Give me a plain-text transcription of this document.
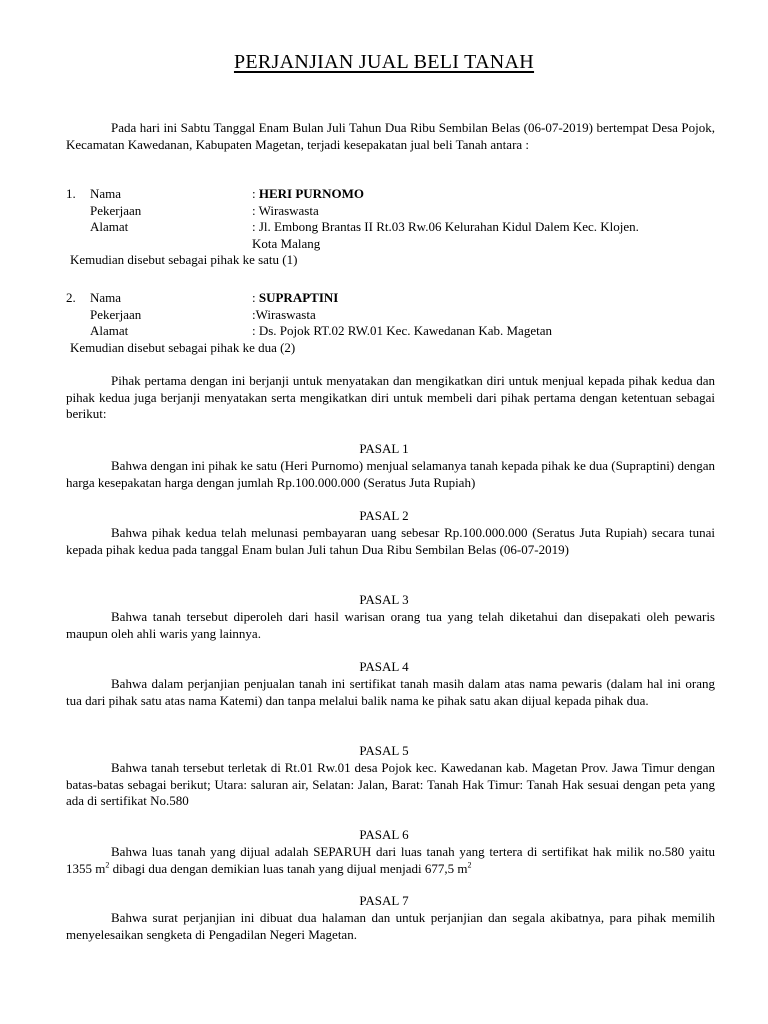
PERJANJIAN JUAL BELI TANAH
Pada hari ini Sabtu Tanggal Enam Bulan Juli Tahun Dua Ribu Sembilan Belas (06-07-2019) bertempat Desa Pojok, Kecamatan Kawedanan, Kabupaten Magetan, terjadi kesepakatan jual beli Tanah antara :
1.	Nama	: HERI PURNOMO
Pekerjaan	: Wiraswasta
Alamat	: Jl. Embong Brantas II Rt.03 Rw.06 Kelurahan Kidul Dalem Kec. Klojen.
Kota Malang
Kemudian disebut sebagai pihak ke satu (1)
2.	Nama	: SUPRAPTINI
Pekerjaan	:Wiraswasta
Alamat	: Ds. Pojok RT.02 RW.01 Kec. Kawedanan Kab. Magetan
Kemudian disebut sebagai pihak ke dua (2)
Pihak pertama dengan ini berjanji untuk menyatakan dan mengikatkan diri untuk menjual kepada pihak kedua dan pihak kedua juga berjanji menyatakan serta mengikatkan diri untuk membeli dari pihak pertama dengan ketentuan sebagai berikut:
PASAL 1
Bahwa dengan ini pihak ke satu (Heri Purnomo) menjual selamanya tanah kepada pihak ke dua (Supraptini) dengan harga kesepakatan harga dengan jumlah Rp.100.000.000 (Seratus Juta Rupiah)
PASAL 2
Bahwa pihak kedua telah melunasi pembayaran uang sebesar Rp.100.000.000 (Seratus Juta Rupiah) secara tunai kepada pihak kedua pada tanggal Enam bulan Juli tahun Dua Ribu Sembilan Belas (06-07-2019)
PASAL 3
Bahwa tanah tersebut diperoleh dari hasil warisan orang tua yang telah diketahui dan disepakati oleh pewaris maupun oleh ahli waris yang lainnya.
PASAL 4
Bahwa dalam perjanjian penjualan tanah ini sertifikat tanah masih dalam atas nama pewaris (dalam hal ini orang tua dari pihak satu atas nama Katemi) dan tanpa melalui balik nama ke pihak satu akan dijual kepada pihak dua.
PASAL 5
Bahwa tanah tersebut terletak di Rt.01 Rw.01 desa Pojok kec. Kawedanan kab. Magetan Prov. Jawa Timur dengan batas-batas sebagai berikut; Utara: saluran air, Selatan: Jalan, Barat: Tanah Hak Timur: Tanah Hak sesuai dengan peta yang ada di sertifikat No.580
PASAL 6
Bahwa luas tanah yang dijual adalah SEPARUH dari luas tanah yang tertera di sertifikat hak milik no.580 yaitu 1355 $m^2$ dibagi dua dengan demikian luas tanah yang dijual menjadi 677,5 $m^2$
PASAL 7
Bahwa surat perjanjian ini dibuat dua halaman dan untuk perjanjian dan segala akibatnya, para pihak memilih menyelesaikan sengketa di Pengadilan Negeri Magetan.
